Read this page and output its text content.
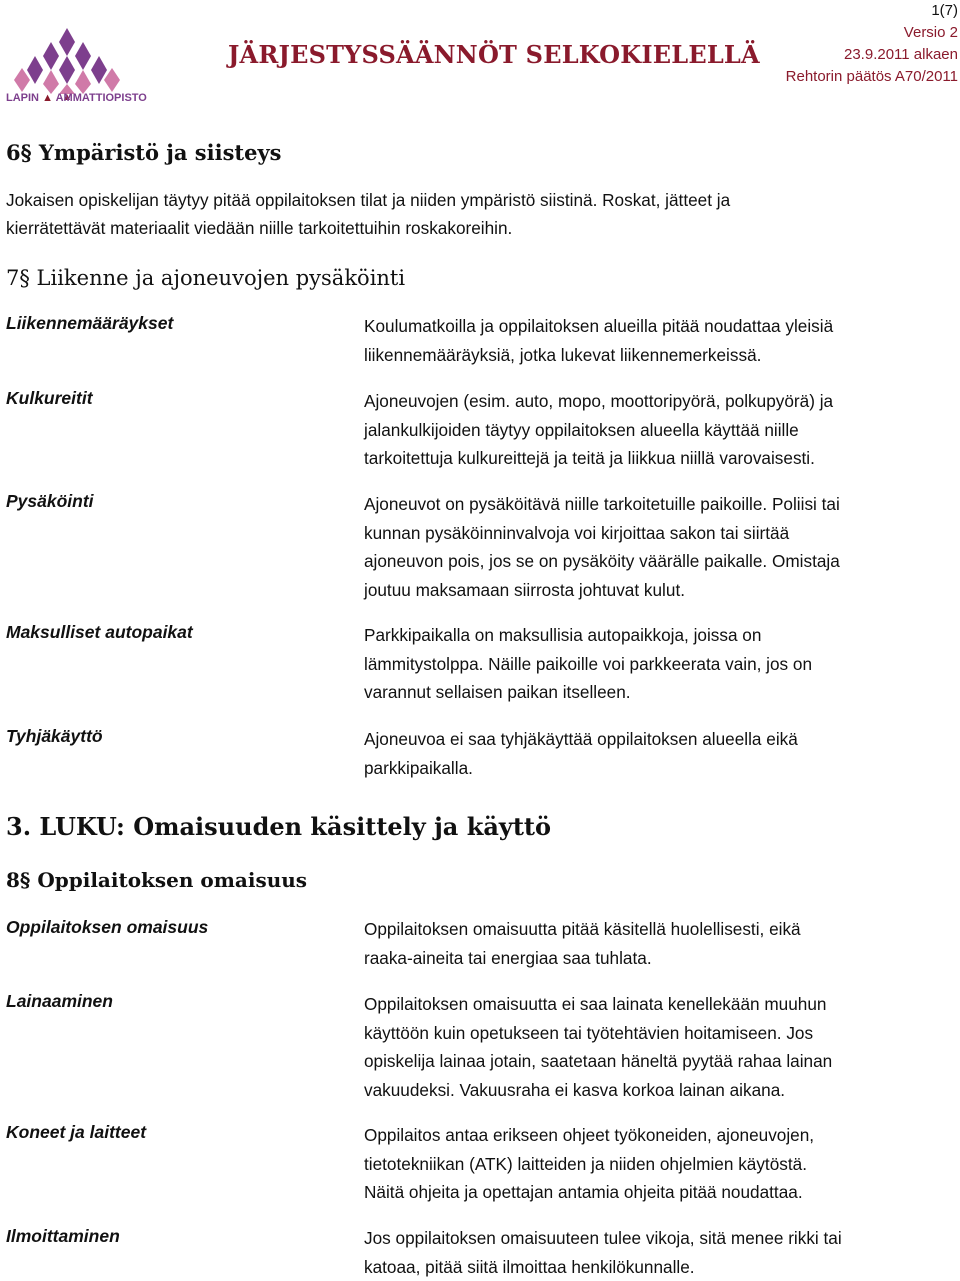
LAPIN ▲ AMMATTIOPISTO
JÄRJESTYSSÄÄNNÖT SELKOKIELELLÄ
1(7)
Versio 2
23.9.2011 alkaen
Rehtorin päätös A70/2011
6§ Ympäristö ja siisteys

Jokaisen opiskelijan täytyy pitää oppilaitoksen tilat ja niiden ympäristö siistinä. Roskat, jätteet ja

kierrätettävät materiaalit viedään niille tarkoitettuihin roskakoreihin.

7§ Liikenne ja ajoneuvojen pysäköinti
Liikennemääräykset	Koulumatkoilla ja oppilaitoksen alueilla pitää noudattaa yleisiä
liikennemääräyksiä, jotka lukevat liikennemerkeissä.
Kulkureitit	Ajoneuvojen (esim. auto, mopo, moottoripyörä, polkupyörä) ja
jalankulkijoiden täytyy oppilaitoksen alueella käyttää niille
tarkoitettuja kulkureittejä ja teitä ja liikkua niillä varovaisesti.
Pysäköinti	Ajoneuvot on pysäköitävä niille tarkoitetuille paikoille. Poliisi tai
kunnan pysäköinninvalvoja voi kirjoittaa sakon tai siirtää
ajoneuvon pois, jos se on pysäköity väärälle paikalle. Omistaja
joutuu maksamaan siirrosta johtuvat kulut.
Maksulliset autopaikat	Parkkipaikalla on maksullisia autopaikkoja, joissa on
lämmitystolppa. Näille paikoille voi parkkeerata vain, jos on
varannut sellaisen paikan itselleen.
Tyhjäkäyttö	Ajoneuvoa ei saa tyhjäkäyttää oppilaitoksen alueella eikä
parkkipaikalla.
3. LUKU: Omaisuuden käsittely ja käyttö
8§ Oppilaitoksen omaisuus
Oppilaitoksen omaisuus	Oppilaitoksen omaisuutta pitää käsitellä huolellisesti, eikä
raaka-aineita tai energiaa saa tuhlata.
Lainaaminen	Oppilaitoksen omaisuutta ei saa lainata kenellekään muuhun
käyttöön kuin opetukseen tai työtehtävien hoitamiseen. Jos
opiskelija lainaa jotain, saatetaan häneltä pyytää rahaa lainan
vakuudeksi. Vakuusraha ei kasva korkoa lainan aikana.
Koneet ja laitteet	Oppilaitos antaa erikseen ohjeet työkoneiden, ajoneuvojen,
tietotekniikan (ATK) laitteiden ja niiden ohjelmien käytöstä.
Näitä ohjeita ja opettajan antamia ohjeita pitää noudattaa.
Ilmoittaminen	Jos oppilaitoksen omaisuuteen tulee vikoja, sitä menee rikki tai
katoaa, pitää siitä ilmoittaa henkilökunnalle.
